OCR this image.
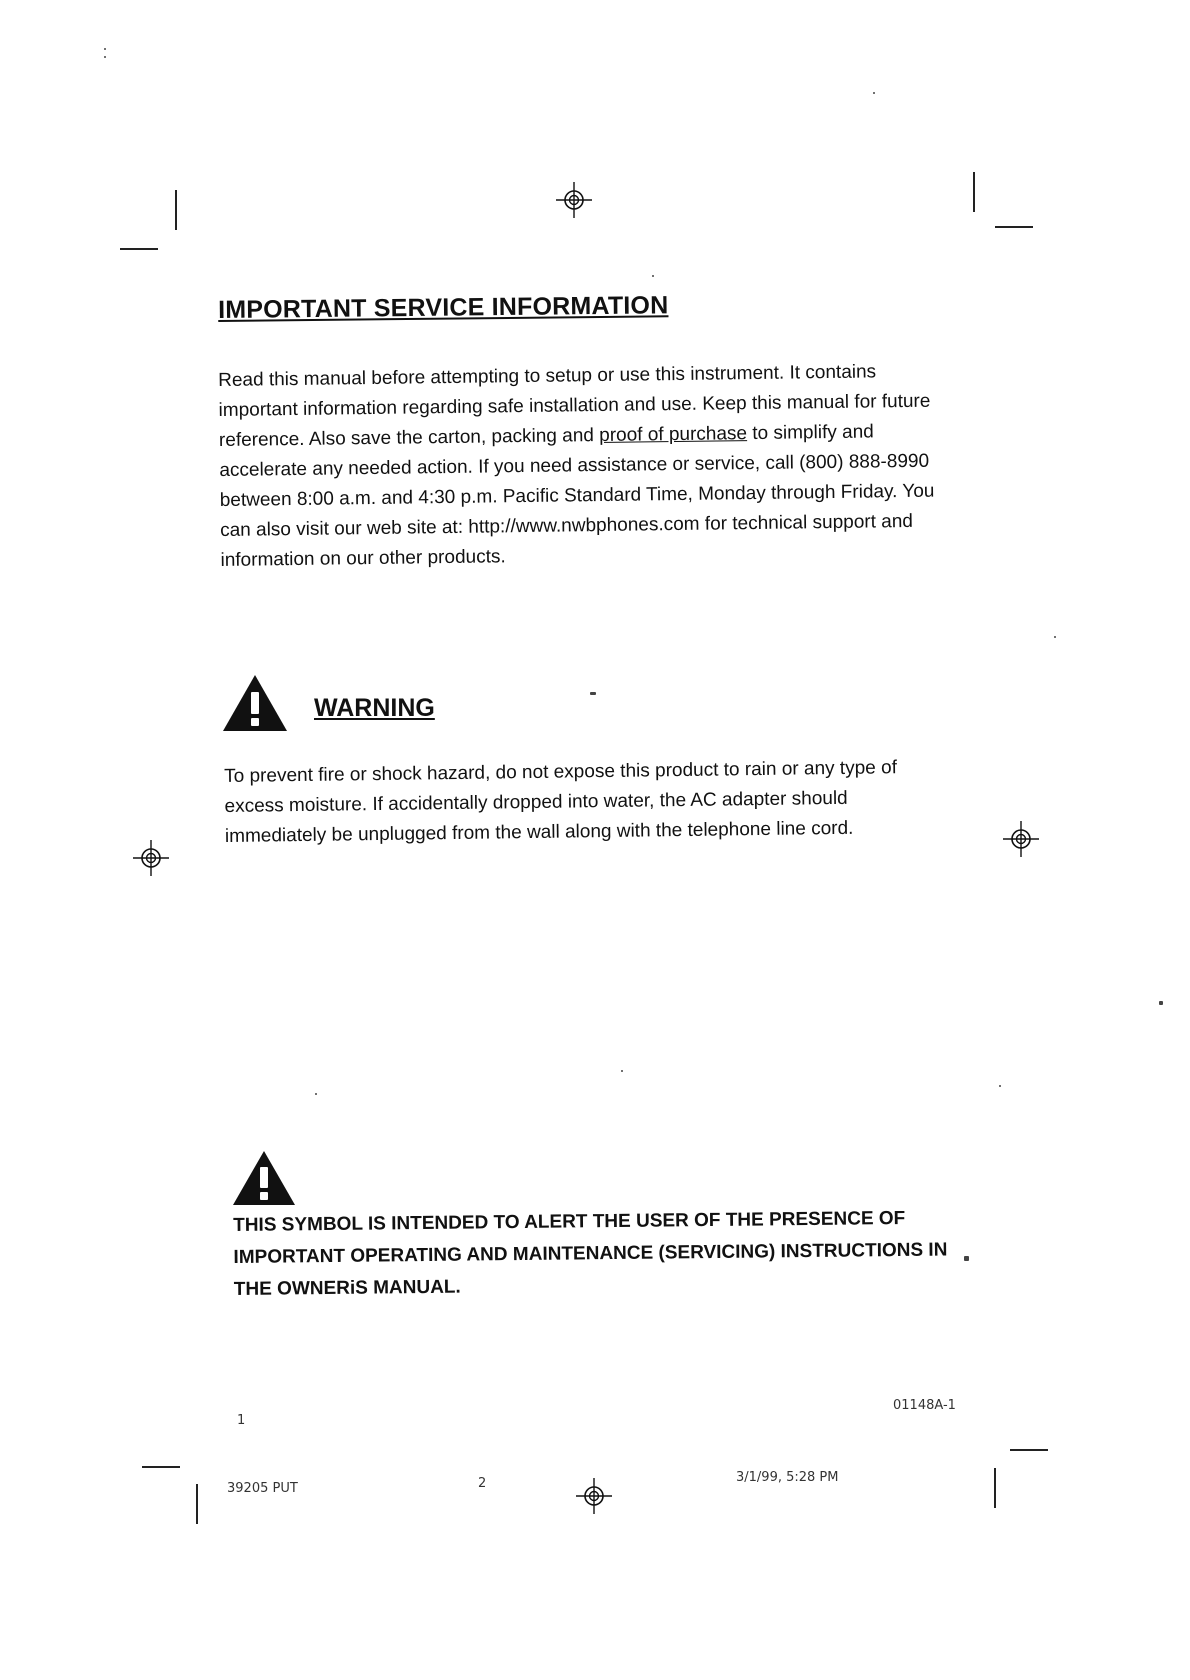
IMPORTANT SERVICE INFORMATION

Read this manual before attempting to setup or use this instrument. It contains important information regarding safe installation and use. Keep this manual for future reference. Also save the carton, packing and proof of purchase to simplify and accelerate any needed action. If you need assistance or service, call (800) 888-8990 between 8:00 a.m. and 4:30 p.m. Pacific Standard Time, Monday through Friday. You can also visit our web site at: http://www.nwbphones.com for technical support and information on our other products.

WARNING

To prevent fire or shock hazard, do not expose this product to rain or any type of excess moisture. If accidentally dropped into water, the AC adapter should immediately be unplugged from the wall along with the telephone line cord.

THIS SYMBOL IS INTENDED TO ALERT THE USER OF THE PRESENCE OF IMPORTANT OPERATING AND MAINTENANCE (SERVICING) INSTRUCTIONS IN THE OWNERiS MANUAL.
1
01148A-1
39205 PUT	2	3/1/99, 5:28 PM
